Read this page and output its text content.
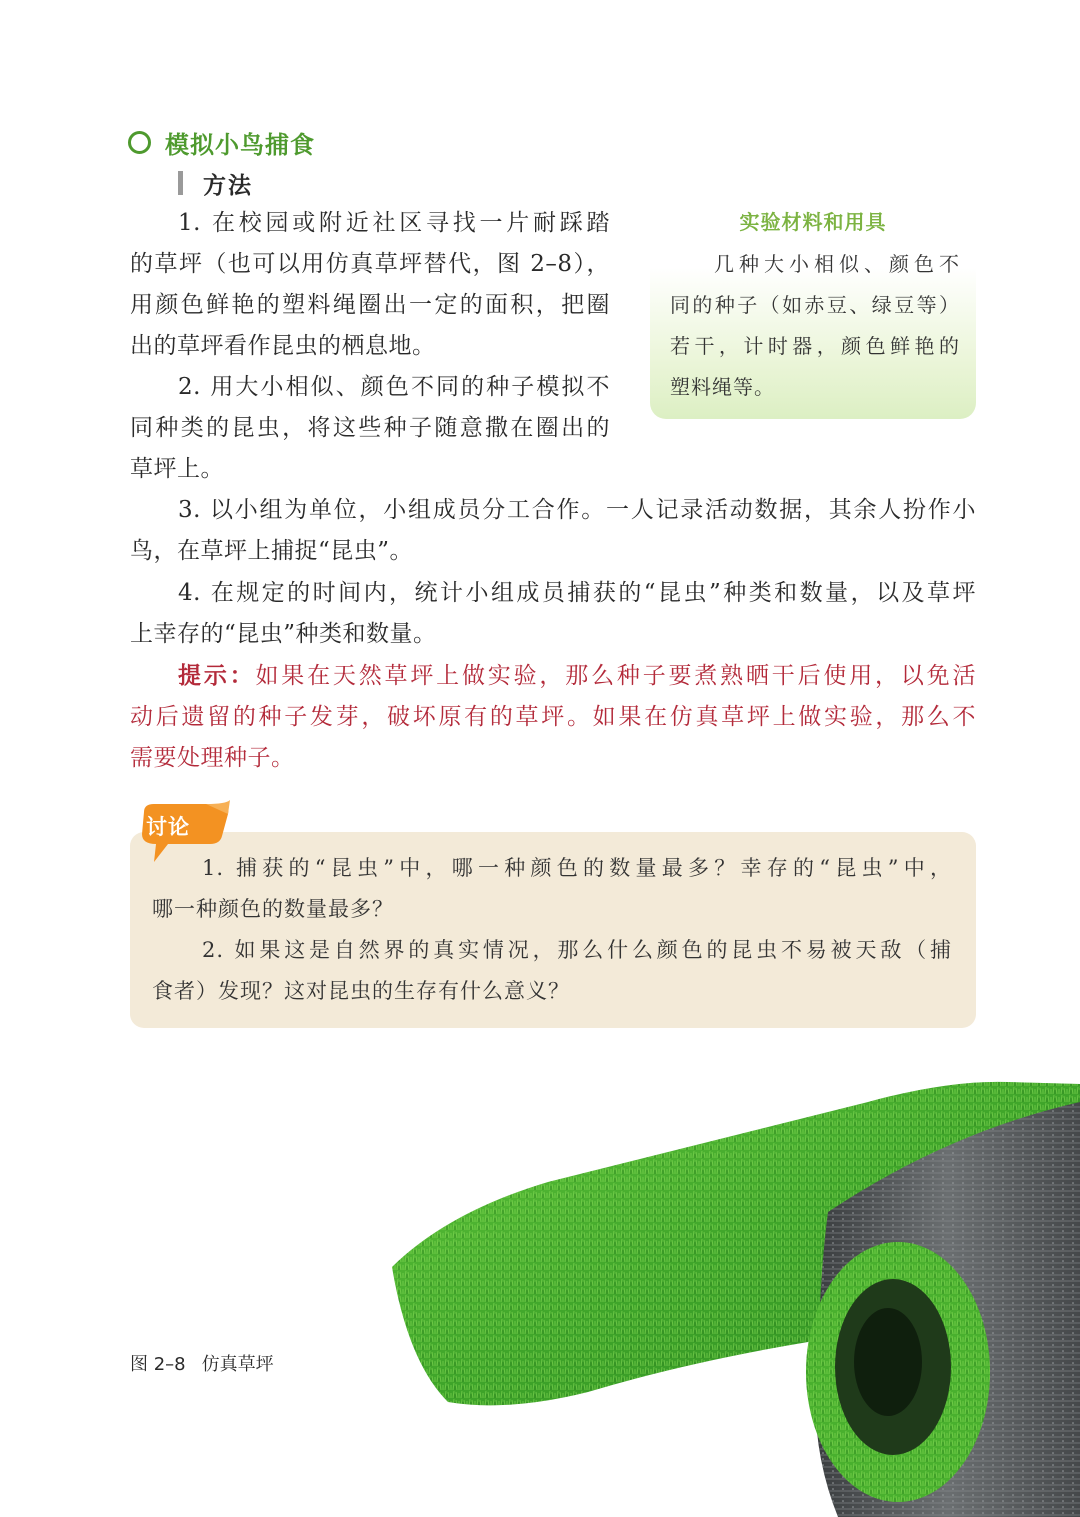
模拟小鸟捕食
方法
1. 在校园或附近社区寻找一片耐踩踏
的草坪（也可以用仿真草坪替代，图 2–8），
用颜色鲜艳的塑料绳圈出一定的面积，把圈
出的草坪看作昆虫的栖息地。
2. 用大小相似、颜色不同的种子模拟不
同种类的昆虫，将这些种子随意撒在圈出的
草坪上。
3. 以小组为单位，小组成员分工合作。一人记录活动数据，其余人扮作小
鸟，在草坪上捕捉“昆虫”。
4. 在规定的时间内，统计小组成员捕获的“昆虫”种类和数量，以及草坪
上幸存的“昆虫”种类和数量。
提示：如果在天然草坪上做实验，那么种子要煮熟晒干后使用，以免活
动后遗留的种子发芽，破坏原有的草坪。如果在仿真草坪上做实验，那么不
需要处理种子。
实验材料和用具
几种大小相似、颜色不
同的种子（如赤豆、绿豆等）
若干，计时器，颜色鲜艳的
塑料绳等。
讨论
1. 捕获的“昆虫”中，哪一种颜色的数量最多？幸存的“昆虫”中，
哪一种颜色的数量最多？
2. 如果这是自然界的真实情况，那么什么颜色的昆虫不易被天敌（捕
食者）发现？这对昆虫的生存有什么意义？
图 2–8 仿真草坪
